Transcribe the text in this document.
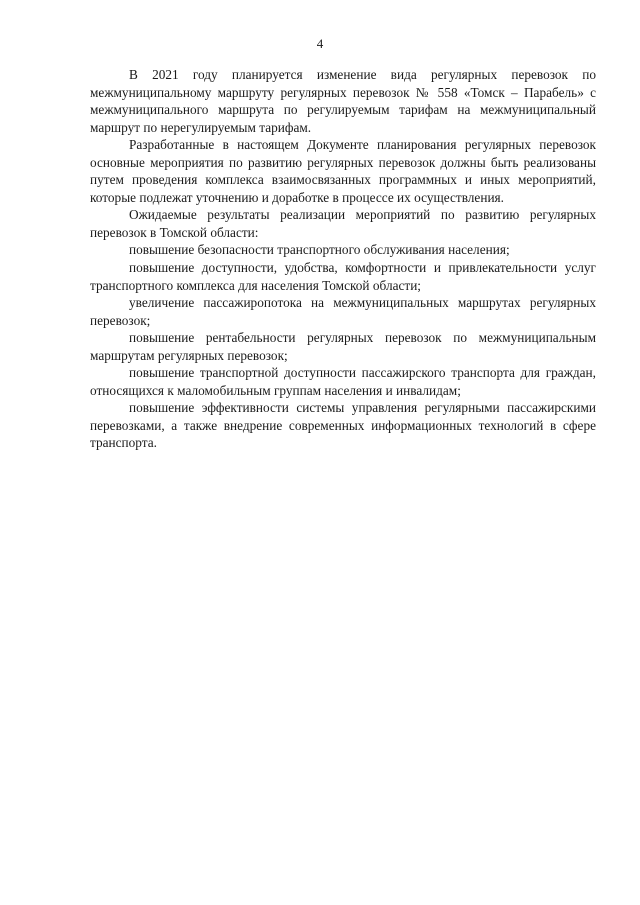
4

В 2021 году планируется изменение вида регулярных перевозок по межмуниципальному маршруту регулярных перевозок № 558 «Томск – Парабель» с межмуниципального маршрута по регулируемым тарифам на межмуниципальный маршрут по нерегулируемым тарифам.

Разработанные в настоящем Документе планирования регулярных перевозок основные мероприятия по развитию регулярных перевозок должны быть реализованы путем проведения комплекса взаимосвязанных программных и иных мероприятий, которые подлежат уточнению и доработке в процессе их осуществления.

Ожидаемые результаты реализации мероприятий по развитию регулярных перевозок в Томской области:

повышение безопасности транспортного обслуживания населения;

повышение доступности, удобства, комфортности и привлекательности услуг транспортного комплекса для населения Томской области;

увеличение пассажиропотока на межмуниципальных маршрутах регулярных перевозок;

повышение рентабельности регулярных перевозок по межмуниципальным маршрутам регулярных перевозок;

повышение транспортной доступности пассажирского транспорта для граждан, относящихся к маломобильным группам населения и инвалидам;

повышение эффективности системы управления регулярными пассажирскими перевозками, а также внедрение современных информационных технологий в сфере транспорта.
